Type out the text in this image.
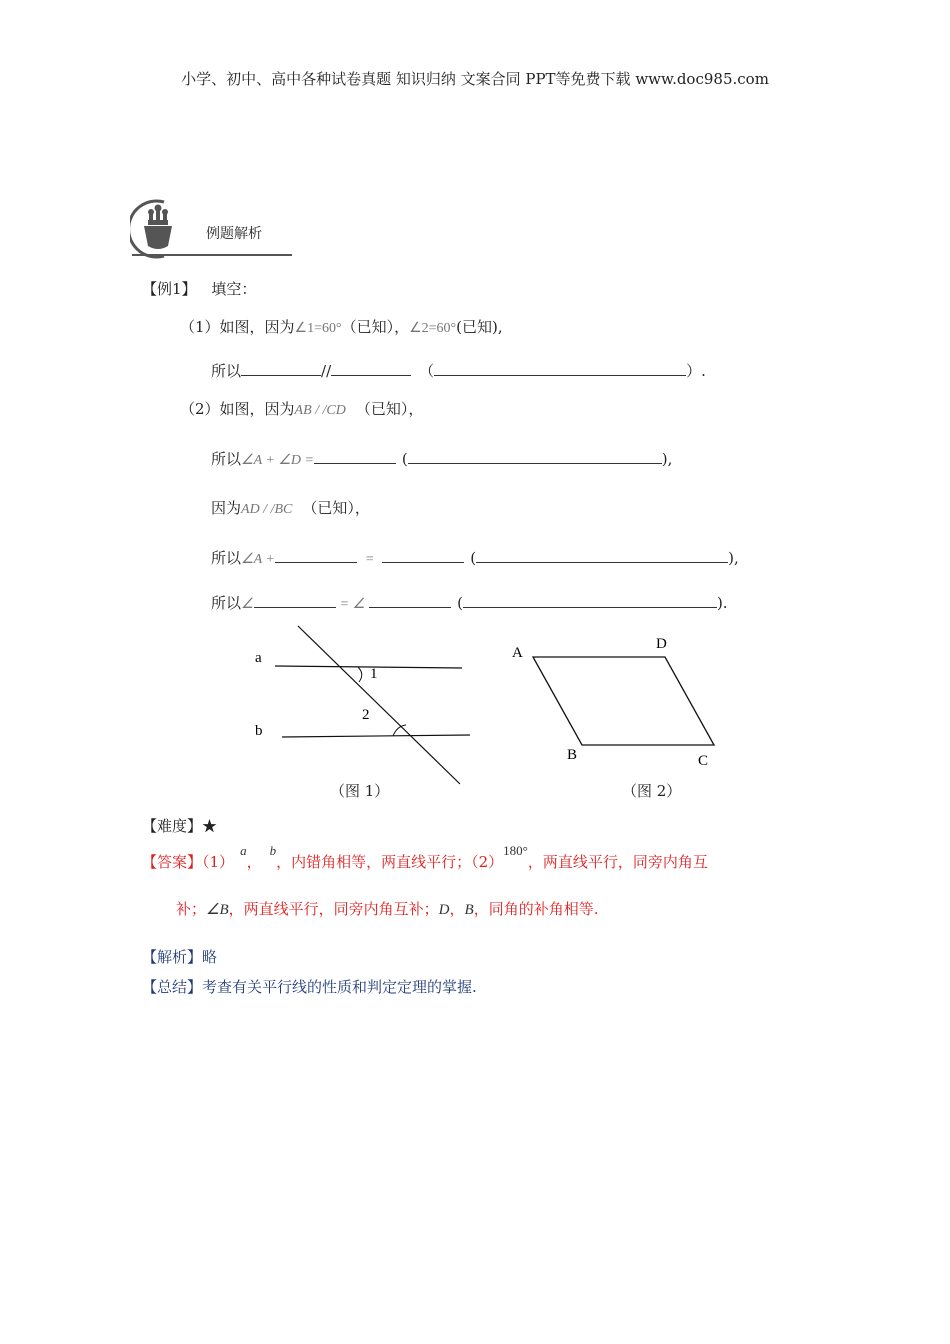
小学、初中、高中各种试卷真题 知识归纳 文案合同 PPT等免费下载 www.doc985.com
例题解析
【例1】 填空：
（1）如图，因为∠1=60°（已知），∠2=60°(已知),
所以	//	（	）.
（2）如图，因为AB / /CD （已知），
所以∠A + ∠D =	(	),
因为AD / /BC （已知），
所以∠A +	=	(	),
所以∠	= ∠	(	).
a
b
1
2
（图 1）
A
D
B	C
（图 2）
【难度】★
【答案】（1）a，b，内错角相等，两直线平行；（2）180°，两直线平行，同旁内角互
补；∠B，两直线平行，同旁内角互补；D，B，同角的补角相等.
【解析】略
【总结】考查有关平行线的性质和判定定理的掌握.
